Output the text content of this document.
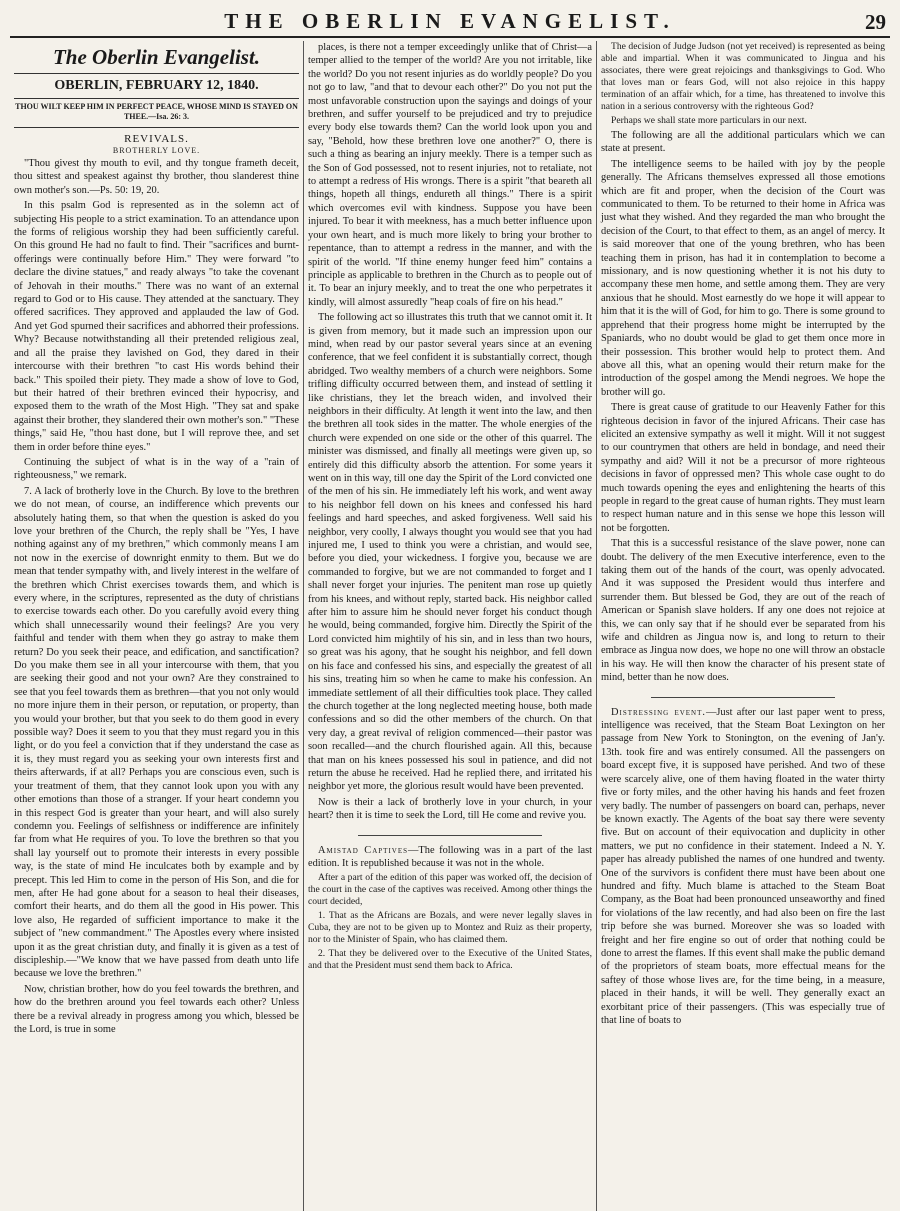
THE OBERLIN EVANGELIST.	29
The Oberlin Evangelist.
OBERLIN, FEBRUARY 12, 1840.
THOU WILT KEEP HIM IN PERFECT PEACE, WHOSE MIND IS STAYED ON THEE.—Isa. 26: 3.
REVIVALS.
BROTHERLY LOVE.

"Thou givest thy mouth to evil, and thy tongue frameth deceit, thou sittest and speakest against thy brother, thou slanderest thine own mother's son.—Ps. 50: 19, 20.

In this psalm God is represented as in the solemn act of subjecting His people to a strict examination. To an attendance upon the forms of religious worship they had been sufficiently careful. On this ground He had no fault to find. Their "sacrifices and burnt-offerings were continually before Him." They were forward "to declare the divine statues," and ready always "to take the covenant of Jehovah in their mouths." There was no want of an external regard to God or to His cause. They attended at the sanctuary. They offered sacrifices. They approved and applauded the law of God. And yet God spurned their sacrifices and abhorred their professions. Why? Because notwithstanding all their pretended religious zeal, and all the praise they lavished on God, they dared in their intercourse with their brethren "to cast His words behind their back." This spoiled their piety. They made a show of love to God, but their hatred of their brethren evinced their hypocrisy, and exposed them to the wrath of the Most High. "They sat and spake against their brother, they slandered their own mother's son." "These things," said He, "thou hast done, but I will reprove thee, and set them in order before thine eyes."

Continuing the subject of what is in the way of a "rain of righteousness," we remark.

7. A lack of brotherly love in the Church. By love to the brethren we do not mean, of course, an indifference which prevents our absolutely hating them, so that when the question is asked do you love your brethren of the Church, the reply shall be "Yes, I have nothing against any of my brethren," which commonly means I am not now in the exercise of downright enmity to them. But we do mean that tender sympathy with, and lively interest in the welfare of the brethren which Christ exercises towards them, and which is every where, in the scriptures, represented as the duty of christians to exercise towards each other. Do you carefully avoid every thing which shall unnecessarily wound their feelings? Are you very faithful and tender with them when they go astray to make them return? Do you seek their peace, and edification, and sanctification? Do you make them see in all your intercourse with them, that you are seeking their good and not your own? Are they constrained to see that you feel towards them as brethren—that you not only would no more injure them in their person, or reputation, or property, than you would your brother, but that you seek to do them good in every possible way? Does it seem to you that they must regard you in this light, or do you feel a conviction that if they understand the case as it is, they must regard you as seeking your own interests first and theirs afterwards, if at all? Perhaps you are conscious even, such is your treatment of them, that they cannot look upon you with any other emotions than those of a stranger. If your heart condemn you in this respect God is greater than your heart, and will also surely condemn you. Feelings of selfishness or indifference are infinitely far from what He requires of you. To love the brethren so that you shall lay yourself out to promote their interests in every possible way, is the state of mind He inculcates both by example and by precept. This led Him to come in the person of His Son, and die for men, after He had gone about for a season to heal their diseases, comfort their hearts, and do them all the good in His power. This love also, He regarded of sufficient importance to make it the subject of "new commandment." The Apostles every where insisted upon it as the great christian duty, and finally it is given as a test of discipleship.—"We know that we have passed from death unto life because we love the brethren."

Now, christian brother, how do you feel towards the brethren, and how do the brethren around you feel towards each other? Unless there be a revival already in progress among you which, blessed be the Lord, is true in some

places, is there not a temper exceedingly unlike that of Christ—a temper allied to the temper of the world? Are you not irritable, like the world? Do you not resent injuries as do worldly people? Do you not go to law, "and that to devour each other?" Do you not put the most unfavorable construction upon the sayings and doings of your brethren, and suffer yourself to be prejudiced and try to prejudice every body else towards them? Can the world look upon you and say, "Behold, how these brethren love one another?" O, there is such a thing as bearing an injury meekly. There is a temper such as the Son of God possessed, not to resent injuries, not to retaliate, not to attempt a redress of His wrongs. There is a spirit "that beareth all things, hopeth all things, endureth all things." There is a spirit which overcomes evil with kindness. Suppose you have been injured. To bear it with meekness, has a much better influence upon your own heart, and is much more likely to bring your brother to repentance, than to attempt a redress in the manner, and with the spirit of the world. "If thine enemy hunger feed him" contains a principle as applicable to brethren in the Church as to people out of it. To bear an injury meekly, and to treat the one who perpetrates it kindly, will almost assuredly "heap coals of fire on his head."

The following act so illustrates this truth that we cannot omit it. It is given from memory, but it made such an impression upon our mind, when read by our pastor several years since at an evening conference, that we feel confident it is substantially correct, though abridged. Two wealthy members of a church were neighbors. Some trifling difficulty occurred between them, and instead of settling it like christians, they let the breach widen, and involved their neighbors in their difficulty. At length it went into the law, and then the brethren all took sides in the matter. The whole energies of the church were expended on one side or the other of this quarrel. The minister was dismissed, and finally all meetings were given up, so entirely did this difficulty absorb the attention. For some years it went on in this way, till one day the Spirit of the Lord convicted one of the men of his sin. He immediately left his work, and went away to his neighbor fell down on his knees and confessed his hard feelings and hard speeches, and asked forgiveness. Well said his neighbor, very coolly, I always thought you would see that you had injured me, I used to think you were a christian, and would see, before you died, your wickedness. I forgive you, because we are commanded to forgive, but we are not commanded to forget and I shall never forget your injuries. The penitent man rose up quietly from his knees, and without reply, started back. His neighbor called after him to assure him he should never forget his conduct though he would, being commanded, forgive him. Directly the Spirit of the Lord convicted him mightily of his sin, and in less than two hours, so great was his agony, that he sought his neighbor, and fell down on his face and confessed his sins, and especially the greatest of all his sins, treating him so when he came to make his confession. An immediate settlement of all their difficulties took place. They called the church together at the long neglected meeting house, both made confessions and so did the other members of the church. On that very day, a great revival of religion commenced—their pastor was soon recalled—and the church flourished again. All this, because that man on his knees possessed his soul in patience, and did not return the abuse he received. Had he replied there, and irritated his neighbor yet more, the glorious result would have been prevented.

Now is their a lack of brotherly love in your church, in your heart? then it is time to seek the Lord, till He come and revive you.

Amistad Captives—The following was in a part of the last edition. It is republished because it was not in the whole.

After a part of the edition of this paper was worked off, the decision of the court in the case of the captives was received. Among other things the court decided,

1. That as the Africans are Bozals, and were never legally slaves in Cuba, they are not to be given up to Montez and Ruiz as their property, nor to the Minister of Spain, who has claimed them.

2. That they be delivered over to the Executive of the United States, and that the President must send them back to Africa.

The decision of Judge Judson (not yet received) is represented as being able and impartial. When it was communicated to Jingua and his associates, there were great rejoicings and thanksgivings to God. Who that loves man or fears God, will not also rejoice in this happy termination of an affair which, for a time, has threatened to involve this nation in a serious controversy with the righteous God?

Perhaps we shall state more particulars in our next.

The following are all the additional particulars which we can state at present.

The intelligence seems to be hailed with joy by the people generally. The Africans themselves expressed all those emotions which are fit and proper, when the decision of the Court was communicated to them. To be returned to their home in Africa was just what they wished. And they regarded the man who brought the decision of the Court, to that effect to them, as an angel of mercy. It is said moreover that one of the young brethren, who has been teaching them in prison, has had it in contemplation to become a missionary, and is now questioning whether it is not his duty to accompany these men home, and settle among them. They are very anxious that he should. Most earnestly do we hope it will appear to him that it is the will of God, for him to go. There is some ground to apprehend that their progress home might be interrupted by the Spaniards, who no doubt would be glad to get them once more in their possession. This brother would help to protect them. And above all this, what an opening would their return make for the introduction of the gospel among the Mendi negroes. We hope the brother will go.

There is great cause of gratitude to our Heavenly Father for this righteous decision in favor of the injured Africans. Their case has elicited an extensive sympathy as well it might. Will it not suggest to our countrymen that others are held in bondage, and need their sympathy and aid? Will it not be a precursor of more righteous decisions in favor of oppressed men? This whole case ought to do much towards opening the eyes and enlightening the hearts of this people in regard to the great cause of human rights. They must learn to respect human nature and in this sense we hope this lesson will not be forgotten.

That this is a successful resistance of the slave power, none can doubt. The delivery of the men Executive interference, even to the taking them out of the hands of the court, was openly advocated. And it was supposed the President would thus interfere and surrender them. But blessed be God, they are out of the reach of American or Spanish slave holders. If any one does not rejoice at this, we can only say that if he should ever be separated from his wife and children as Jingua now is, and long to return to their embrace as Jingua now does, we hope no one will throw an obstacle in his way. He will then know the character of his present state of mind, better than he now does.

Distressing event.—Just after our last paper went to press, intelligence was received, that the Steam Boat Lexington on her passage from New York to Stonington, on the evening of Jan'y. 13th. took fire and was entirely consumed. All the passengers on board except five, it is supposed have perished. And two of these were scarcely alive, one of them having floated in the water thirty five or forty miles, and the other having his hands and feet frozen very badly. The number of passengers on board can, perhaps, never be known exactly. The Agents of the boat say there were seventy five. But on account of their equivocation and duplicity in other matters, we put no confidence in their statement. Indeed a N. Y. paper has already published the names of one hundred and twenty. One of the survivors is confident there must have been about one hundred and fifty. Much blame is attached to the Steam Boat Company, as the Boat had been pronounced unseaworthy and fined for violations of the law recently, and had also been on fire the last trip before she was burned. Moreover she was so loaded with freight and her fire engine so out of order that nothing could be done to arrest the flames. If this event shall make the public demand of the proprietors of steam boats, more effectual means for the saftey of those whose lives are, for the time being, in a measure, placed in their hands, it will be well. They generally exact an exorbitant price of their passengers. (This was especially true of that line of boats to
